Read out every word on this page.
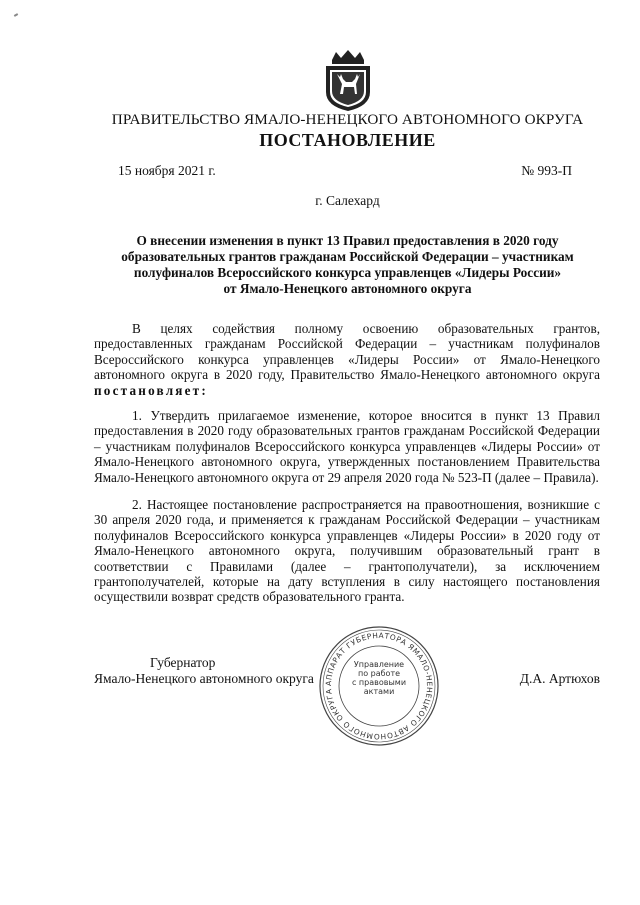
ПРАВИТЕЛЬСТВО ЯМАЛО-НЕНЕЦКОГО АВТОНОМНОГО ОКРУГА
ПОСТАНОВЛЕНИЕ
15 ноября 2021 г.	№ 993-П
г. Салехард
О внесении изменения в пункт 13 Правил предоставления в 2020 году
образовательных грантов гражданам Российской Федерации – участникам
полуфиналов Всероссийского конкурса управленцев «Лидеры России»
от Ямало-Ненецкого автономного округа
В целях содействия полному освоению образовательных грантов, предоставленных гражданам Российской Федерации – участникам полуфиналов Всероссийского конкурса управленцев «Лидеры России» от Ямало-Ненецкого автономного округа в 2020 году, Правительство Ямало-Ненецкого автономного округа постановляет:
1. Утвердить прилагаемое изменение, которое вносится в пункт 13 Правил предоставления в 2020 году образовательных грантов гражданам Российской Федерации – участникам полуфиналов Всероссийского конкурса управленцев «Лидеры России» от Ямало-Ненецкого автономного округа, утвержденных постановлением Правительства Ямало-Ненецкого автономного округа от 29 апреля 2020 года № 523-П (далее – Правила).
2. Настоящее постановление распространяется на правоотношения, возникшие с 30 апреля 2020 года, и применяется к гражданам Российской Федерации – участникам полуфиналов Всероссийского конкурса управленцев «Лидеры России» в 2020 году от Ямало-Ненецкого автономного округа, получившим образовательный грант в соответствии с Правилами (далее – грантополучатели), за исключением грантополучателей, которые на дату вступления в силу настоящего постановления осуществили возврат средств образовательного гранта.
АППАРАТ ГУБЕРНАТОРА ЯМАЛО-НЕНЕЦКОГО АВТОНОМНОГО ОКРУГА
Управление
по работе
с правовыми
актами
Губернатор
Ямало-Ненецкого автономного округа	Д.А. Артюхов
